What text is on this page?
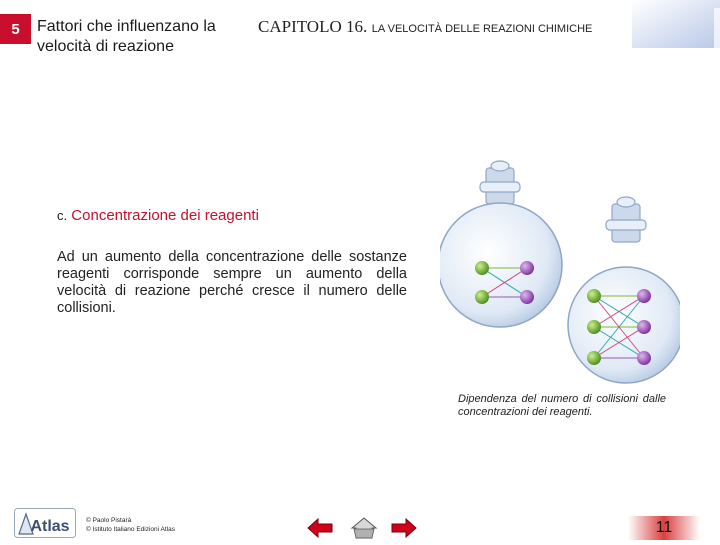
5	Fattori che influenzano la velocità di reazione
CAPITOLO 16. LA VELOCITÀ DELLE REAZIONI CHIMICHE
c. Concentrazione dei reagenti
Ad un aumento della concentrazione delle sostanze reagenti corrisponde sempre un aumento della velocità di reazione perché cresce il numero delle collisioni.
Dipendenza del numero di collisioni dalle concentrazioni dei reagenti.
Atlas	© Paolo Pistarà
© Istituto Italiano Edizioni Atlas	11
